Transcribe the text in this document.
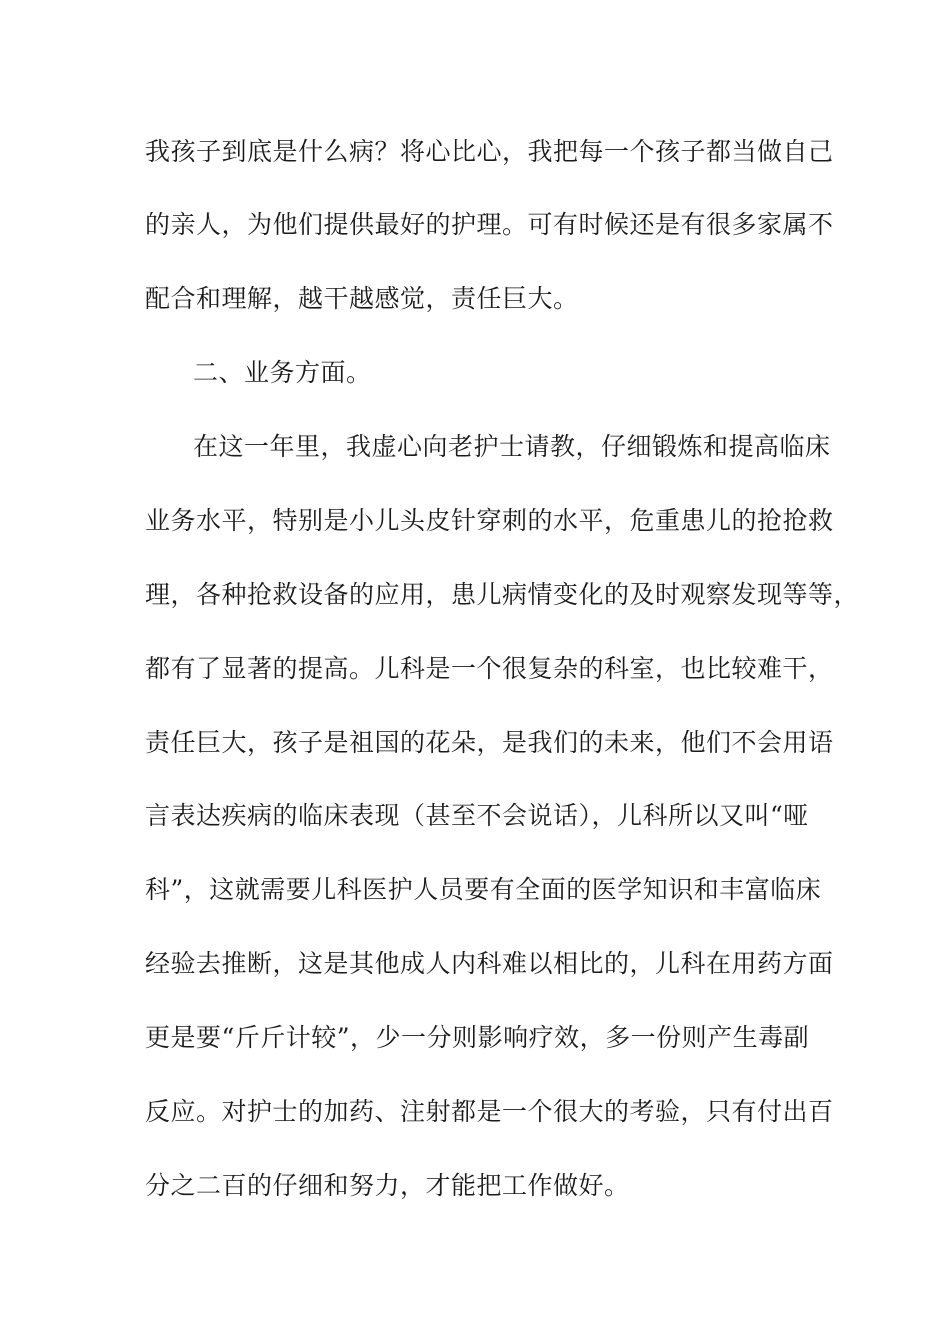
我孩子到底是什么病？将心比心，我把每一个孩子都当做自己

的亲人，为他们提供最好的护理。可有时候还是有很多家属不

配合和理解，越干越感觉，责任巨大。

二、业务方面。

在这一年里，我虚心向老护士请教，仔细锻炼和提高临床

业务水平，特别是小儿头皮针穿刺的水平，危重患儿的抢抢救

理，各种抢救设备的应用，患儿病情变化的及时观察发现等等，

都有了显著的提高。儿科是一个很复杂的科室，也比较难干，

责任巨大，孩子是祖国的花朵，是我们的未来，他们不会用语

言表达疾病的临床表现（甚至不会说话），儿科所以又叫“哑

科”，这就需要儿科医护人员要有全面的医学知识和丰富临床

经验去推断，这是其他成人内科难以相比的，儿科在用药方面

更是要“斤斤计较”，少一分则影响疗效，多一份则产生毒副

反应。对护士的加药、注射都是一个很大的考验，只有付出百

分之二百的仔细和努力，才能把工作做好。
